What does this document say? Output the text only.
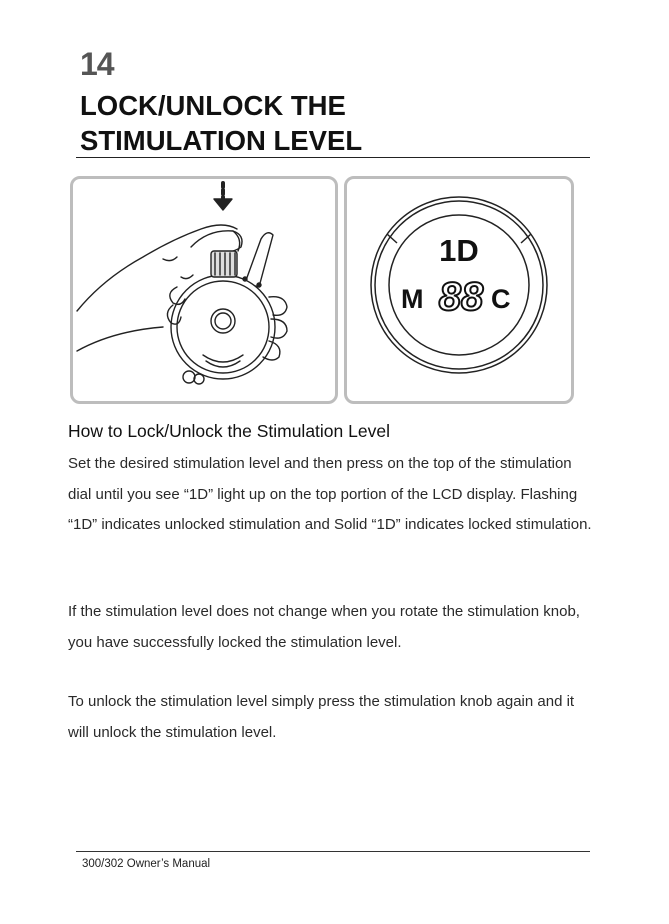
14
LOCK/UNLOCK THE
STIMULATION LEVEL
1D
M 88 C
How to Lock/Unlock the Stimulation Level

Set the desired stimulation level and then press on the top of the stimulation dial until you see “1D” light up on the top portion of the LCD display. Flashing “1D” indicates unlocked stimulation and Solid “1D” indicates locked stimulation.

If the stimulation level does not change when you rotate the stimulation knob, you have successfully locked the stimulation level.

To unlock the stimulation level simply press the stimulation knob again and it will unlock the stimulation level.

300/302 Owner’s Manual
